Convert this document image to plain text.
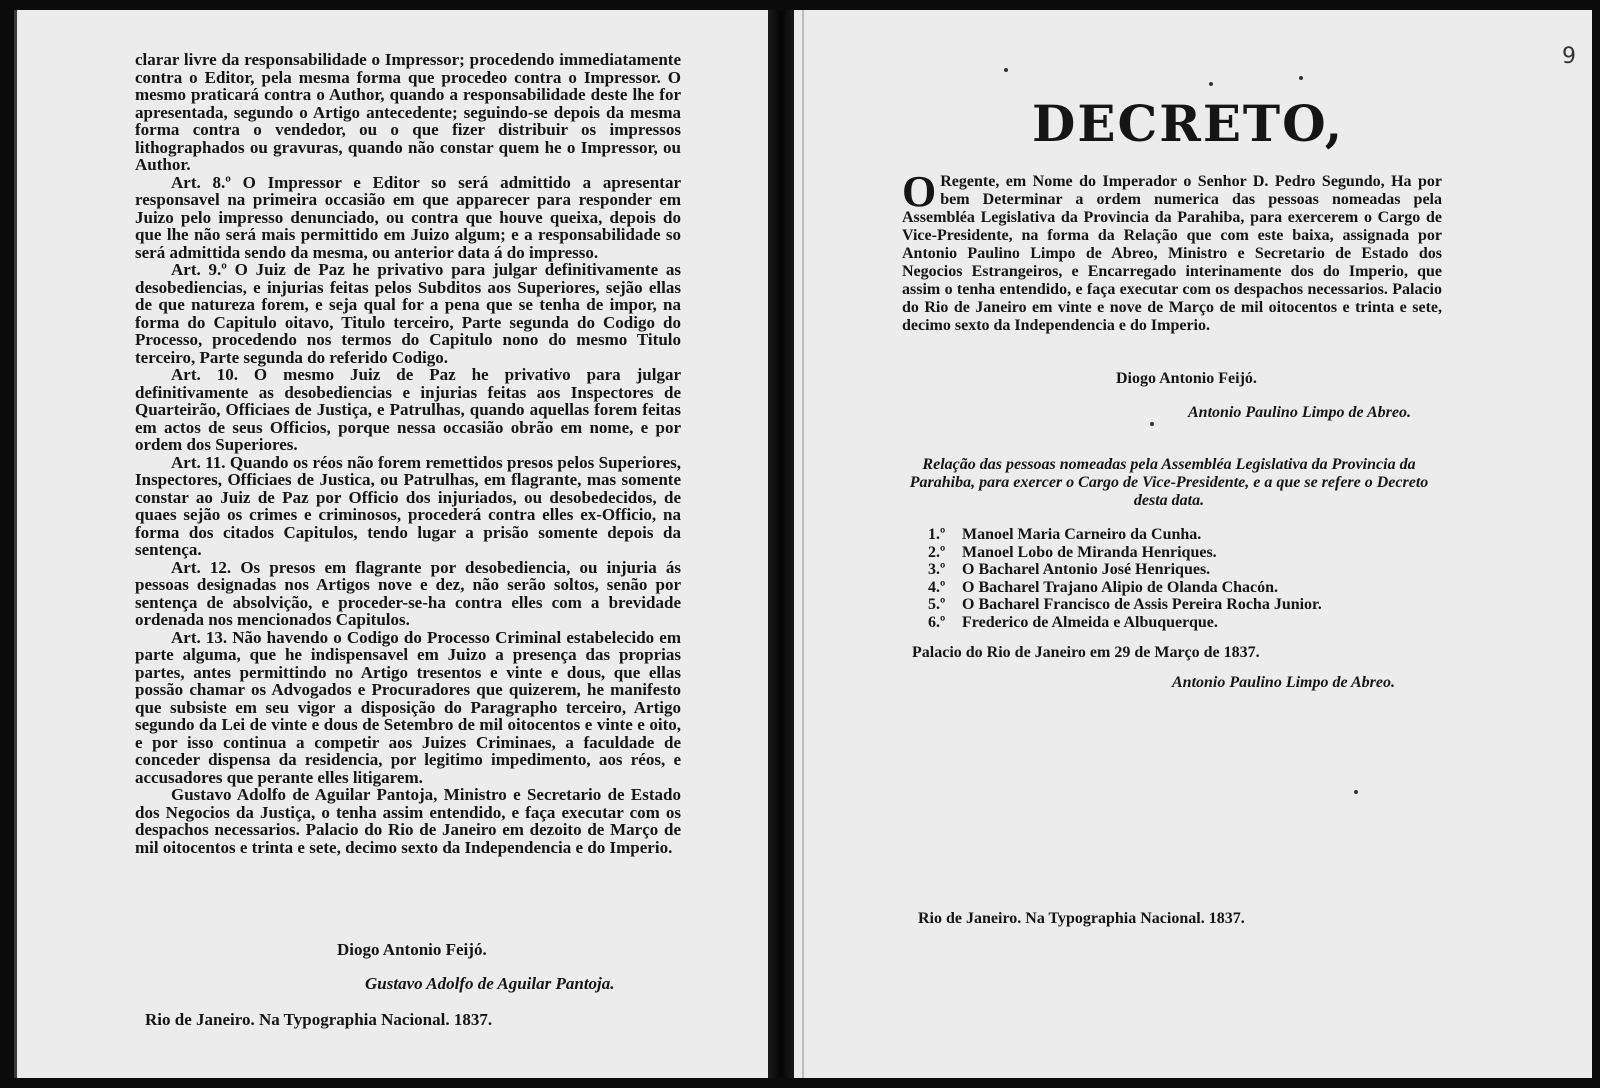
clarar livre da responsabilidade o Impressor; procedendo immediatamente contra o Editor, pela mesma forma que procedeo contra o Impressor. O mesmo praticará contra o Author, quando a responsabilidade deste lhe for apresentada, segundo o Artigo antecedente; seguindo-se depois da mesma forma contra o vendedor, ou o que fizer distribuir os impressos lithographados ou gravuras, quando não constar quem he o Impressor, ou Author.

Art. 8.º O Impressor e Editor so será admittido a apresentar responsavel na primeira occasião em que apparecer para responder em Juizo pelo impresso denunciado, ou contra que houve queixa, depois do que lhe não será mais permittido em Juizo algum; e a responsabilidade so será admittida sendo da mesma, ou anterior data á do impresso.

Art. 9.º O Juiz de Paz he privativo para julgar definitivamente as desobediencias, e injurias feitas pelos Subditos aos Superiores, sejão ellas de que natureza forem, e seja qual for a pena que se tenha de impor, na forma do Capitulo oitavo, Titulo terceiro, Parte segunda do Codigo do Processo, procedendo nos termos do Capitulo nono do mesmo Titulo terceiro, Parte segunda do referido Codigo.

Art. 10. O mesmo Juiz de Paz he privativo para julgar definitivamente as desobediencias e injurias feitas aos Inspectores de Quarteirão, Officiaes de Justiça, e Patrulhas, quando aquellas forem feitas em actos de seus Officios, porque nessa occasião obrão em nome, e por ordem dos Superiores.

Art. 11. Quando os réos não forem remettidos presos pelos Superiores, Inspectores, Officiaes de Justica, ou Patrulhas, em flagrante, mas somente constar ao Juiz de Paz por Officio dos injuriados, ou desobedecidos, de quaes sejão os crimes e criminosos, procederá contra elles ex-Officio, na forma dos citados Capitulos, tendo lugar a prisão somente depois da sentença.

Art. 12. Os presos em flagrante por desobediencia, ou injuria ás pessoas designadas nos Artigos nove e dez, não serão soltos, senão por sentença de absolvição, e proceder-se-ha contra elles com a brevidade ordenada nos mencionados Capitulos.

Art. 13. Não havendo o Codigo do Processo Criminal estabelecido em parte alguma, que he indispensavel em Juizo a presença das proprias partes, antes permittindo no Artigo tresentos e vinte e dous, que ellas possão chamar os Advogados e Procuradores que quizerem, he manifesto que subsiste em seu vigor a disposição do Paragrapho terceiro, Artigo segundo da Lei de vinte e dous de Setembro de mil oitocentos e vinte e oito, e por isso continua a competir aos Juizes Criminaes, a faculdade de conceder dispensa da residencia, por legitimo impedimento, aos réos, e accusadores que perante elles litigarem.

Gustavo Adolfo de Aguilar Pantoja, Ministro e Secretario de Estado dos Negocios da Justiça, o tenha assim entendido, e faça executar com os despachos necessarios. Palacio do Rio de Janeiro em dezoito de Março de mil oitocentos e trinta e sete, decimo sexto da Independencia e do Imperio.

Diogo Antonio Feijó.
Gustavo Adolfo de Aguilar Pantoja.
Rio de Janeiro. Na Typographia Nacional. 1837.
9
DECRETO,
O Regente, em Nome do Imperador o Senhor D. Pedro Segundo, Ha por bem Determinar a ordem numerica das pessoas nomeadas pela Assembléa Legislativa da Provincia da Parahiba, para exercerem o Cargo de Vice-Presidente, na forma da Relação que com este baixa, assignada por Antonio Paulino Limpo de Abreo, Ministro e Secretario de Estado dos Negocios Estrangeiros, e Encarregado interinamente dos do Imperio, que assim o tenha entendido, e faça executar com os despachos necessarios. Palacio do Rio de Janeiro em vinte e nove de Março de mil oitocentos e trinta e sete, decimo sexto da Independencia e do Imperio.
Diogo Antonio Feijó.
Antonio Paulino Limpo de Abreo.
Relação das pessoas nomeadas pela Assembléa Legislativa da Provincia da Parahiba, para exercer o Cargo de Vice-Presidente, e a que se refere o Decreto desta data.
1.º Manoel Maria Carneiro da Cunha.
2.º Manoel Lobo de Miranda Henriques.
3.º O Bacharel Antonio José Henriques.
4.º O Bacharel Trajano Alipio de Olanda Chacón.
5.º O Bacharel Francisco de Assis Pereira Rocha Junior.
6.º Frederico de Almeida e Albuquerque.
Palacio do Rio de Janeiro em 29 de Março de 1837.
Antonio Paulino Limpo de Abreo.
Rio de Janeiro. Na Typographia Nacional. 1837.
